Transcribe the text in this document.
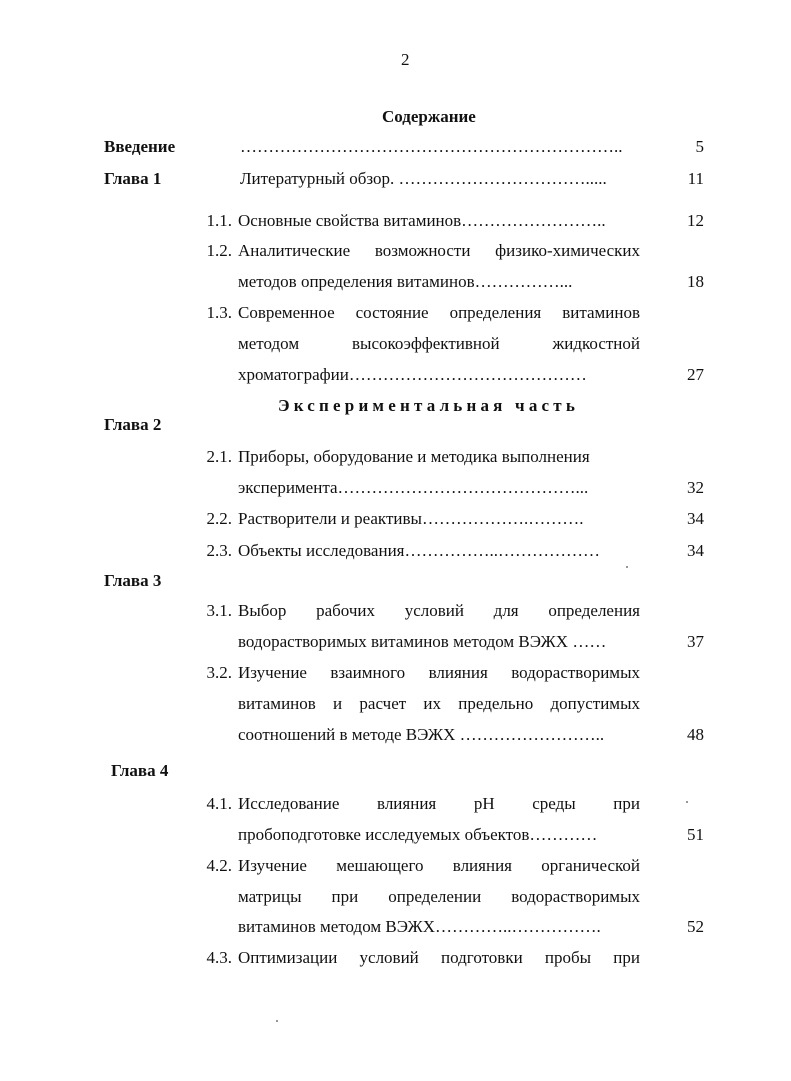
2
Содержание
Введение	…………………………………………………………..	5
Глава 1	Литературный обзор. …………………………….....	11
1.1. Основные свойства витаминов……………………..	12
1.2. Аналитические возможности физико-химических
методов определения витаминов……………...	18
1.3. Современное состояние определения витаминов
методом высокоэффективной жидкостной
хроматографии……………………………………	27
Экспериментальная часть
Глава 2
2.1. Приборы, оборудование и методика выполнения
эксперимента……………………………………...	32
2.2. Растворители и реактивы……………….……….	34
2.3. Объекты исследования……………..………………	34
Глава 3
3.1. Выбор рабочих условий для определения
водорастворимых витаминов методом ВЭЖХ ……	37
3.2. Изучение взаимного влияния водорастворимых
витаминов и расчет их предельно допустимых
соотношений в методе ВЭЖХ ……………………..	48
Глава 4
4.1. Исследование влияния pH среды при
пробоподготовке исследуемых объектов…………	51
4.2. Изучение мешающего влияния органической
матрицы при определении водорастворимых
витаминов методом ВЭЖХ…………..…………….	52
4.3. Оптимизации условий подготовки пробы при
